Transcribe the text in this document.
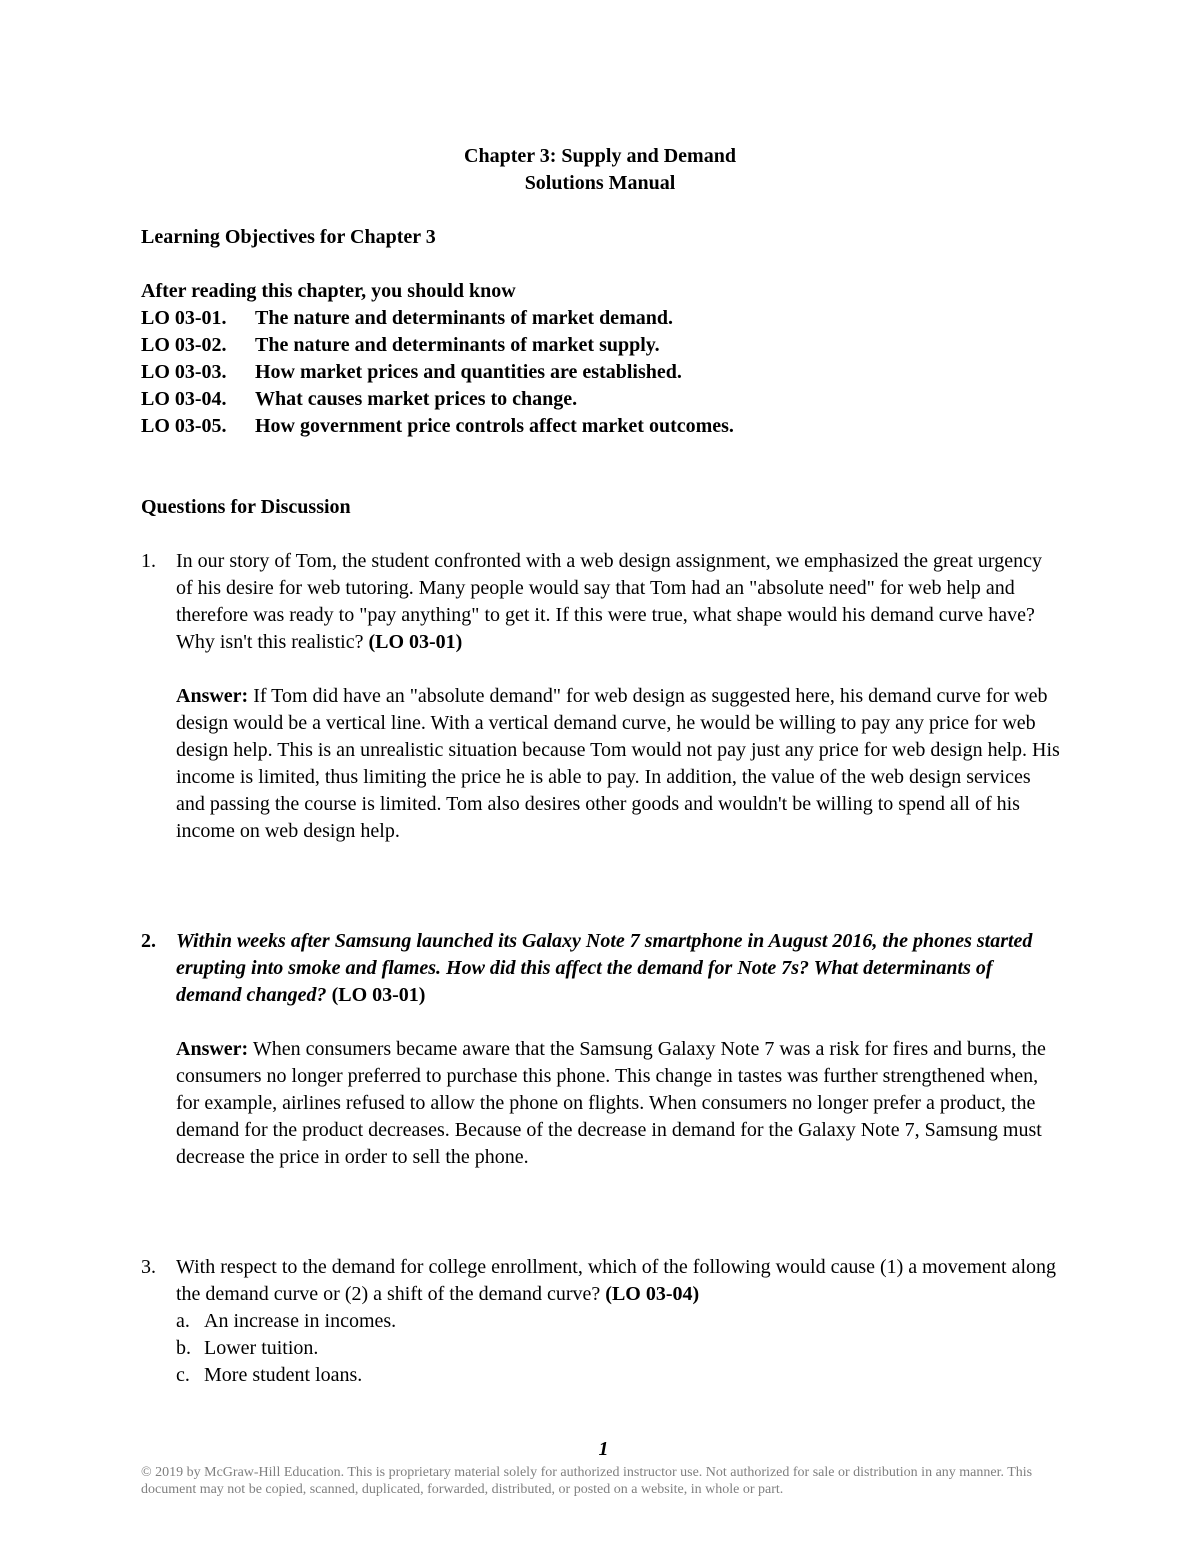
Chapter 3: Supply and Demand
Solutions Manual
Learning Objectives for Chapter 3
After reading this chapter, you should know
LO 03-01.	The nature and determinants of market demand.
LO 03-02.	The nature and determinants of market supply.
LO 03-03.	How market prices and quantities are established.
LO 03-04.	What causes market prices to change.
LO 03-05.	How government price controls affect market outcomes.
Questions for Discussion
1.	In our story of Tom, the student confronted with a web design assignment, we emphasized the great urgency of his desire for web tutoring. Many people would say that Tom had an "absolute need" for web help and therefore was ready to "pay anything" to get it. If this were true, what shape would his demand curve have? Why isn't this realistic? (LO 03-01)
Answer: If Tom did have an "absolute demand" for web design as suggested here, his demand curve for web design would be a vertical line. With a vertical demand curve, he would be willing to pay any price for web design help. This is an unrealistic situation because Tom would not pay just any price for web design help. His income is limited, thus limiting the price he is able to pay. In addition, the value of the web design services and passing the course is limited. Tom also desires other goods and wouldn't be willing to spend all of his income on web design help.
2.	Within weeks after Samsung launched its Galaxy Note 7 smartphone in August 2016, the phones started erupting into smoke and flames. How did this affect the demand for Note 7s? What determinants of demand changed? (LO 03-01)
Answer: When consumers became aware that the Samsung Galaxy Note 7 was a risk for fires and burns, the consumers no longer preferred to purchase this phone. This change in tastes was further strengthened when, for example, airlines refused to allow the phone on flights. When consumers no longer prefer a product, the demand for the product decreases. Because of the decrease in demand for the Galaxy Note 7, Samsung must decrease the price in order to sell the phone.
3.	With respect to the demand for college enrollment, which of the following would cause (1) a movement along the demand curve or (2) a shift of the demand curve? (LO 03-04)
a. An increase in incomes.
b. Lower tuition.
c. More student loans.
1
© 2019 by McGraw-Hill Education. This is proprietary material solely for authorized instructor use. Not authorized for sale or distribution in any manner. This document may not be copied, scanned, duplicated, forwarded, distributed, or posted on a website, in whole or part.
